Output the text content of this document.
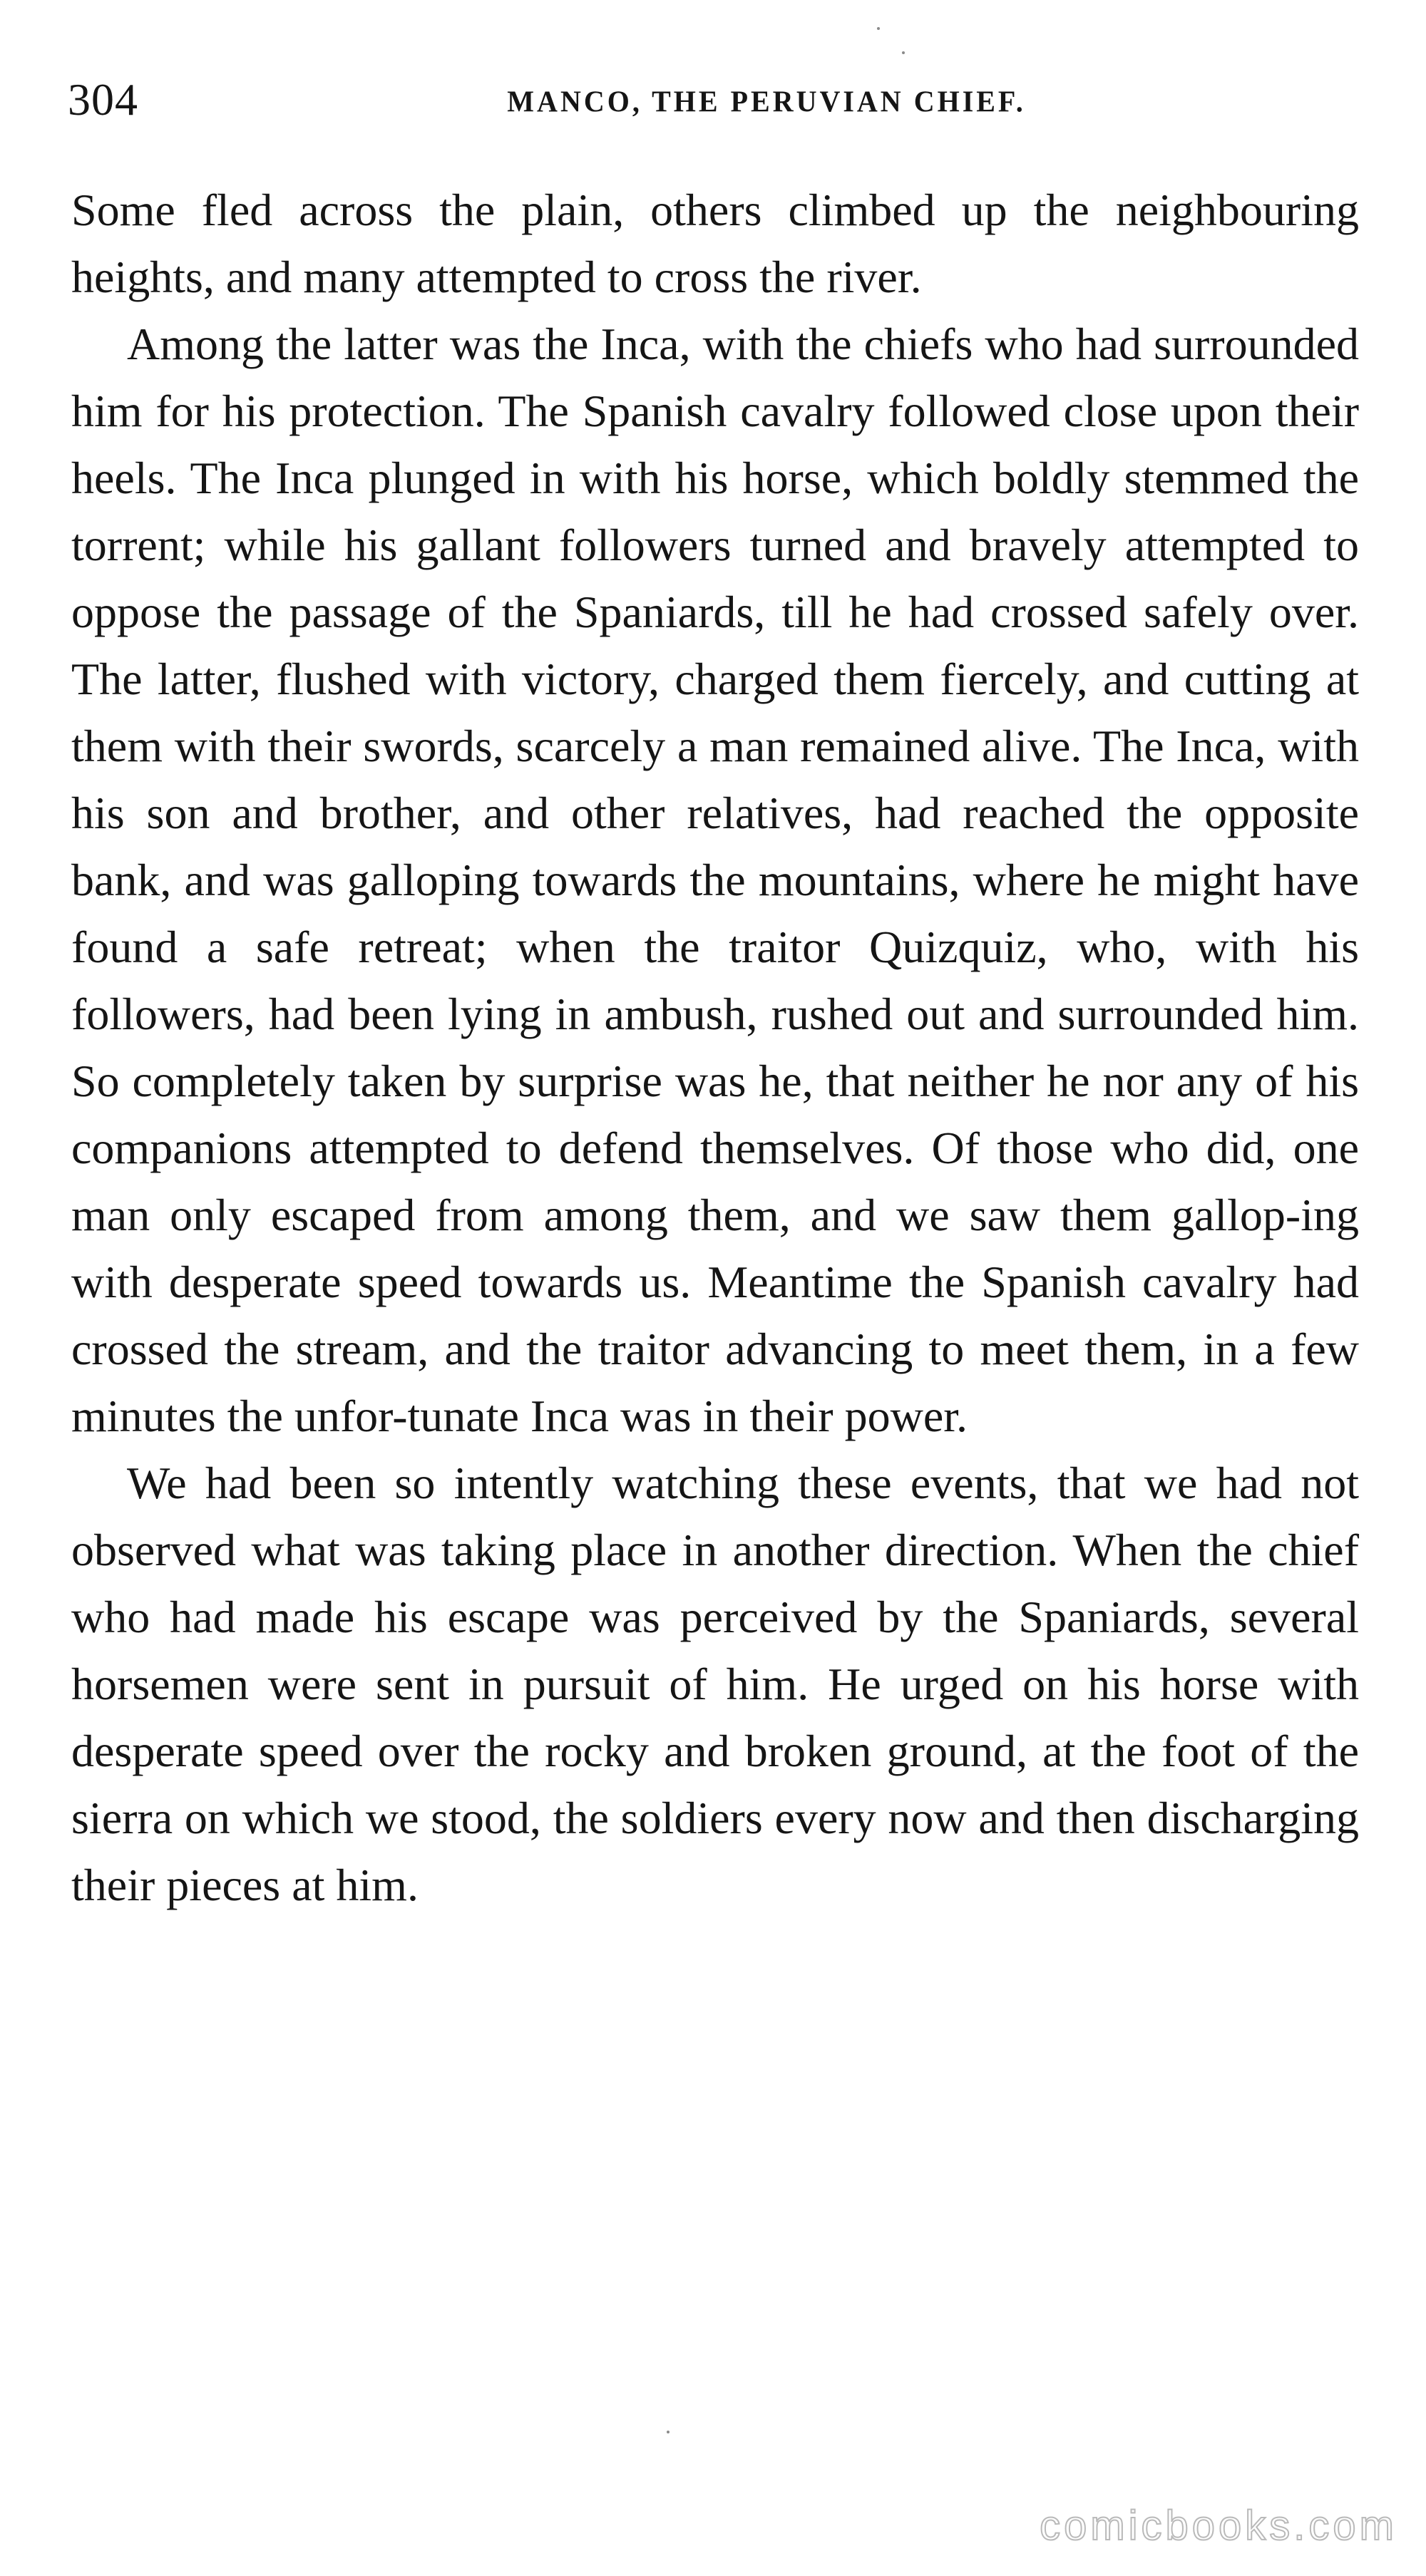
304	MANCO, THE PERUVIAN CHIEF.

Some fled across the plain, others climbed up the neighbouring heights, and many attempted to cross the river.

Among the latter was the Inca, with the chiefs who had surrounded him for his protection. The Spanish cavalry followed close upon their heels. The Inca plunged in with his horse, which boldly stemmed the torrent; while his gallant followers turned and bravely attempted to oppose the passage of the Spaniards, till he had crossed safely over. The latter, flushed with victory, charged them fiercely, and cutting at them with their swords, scarcely a man remained alive. The Inca, with his son and brother, and other relatives, had reached the opposite bank, and was galloping towards the mountains, where he might have found a safe retreat; when the traitor Quizquiz, who, with his followers, had been lying in ambush, rushed out and surrounded him. So completely taken by surprise was he, that neither he nor any of his companions attempted to defend themselves. Of those who did, one man only escaped from among them, and we saw them gallop-ing with desperate speed towards us. Meantime the Spanish cavalry had crossed the stream, and the traitor advancing to meet them, in a few minutes the unfor-tunate Inca was in their power.

We had been so intently watching these events, that we had not observed what was taking place in another direction. When the chief who had made his escape was perceived by the Spaniards, several horsemen were sent in pursuit of him. He urged on his horse with desperate speed over the rocky and broken ground, at the foot of the sierra on which we stood, the soldiers every now and then discharging their pieces at him.

comicbooks.com
